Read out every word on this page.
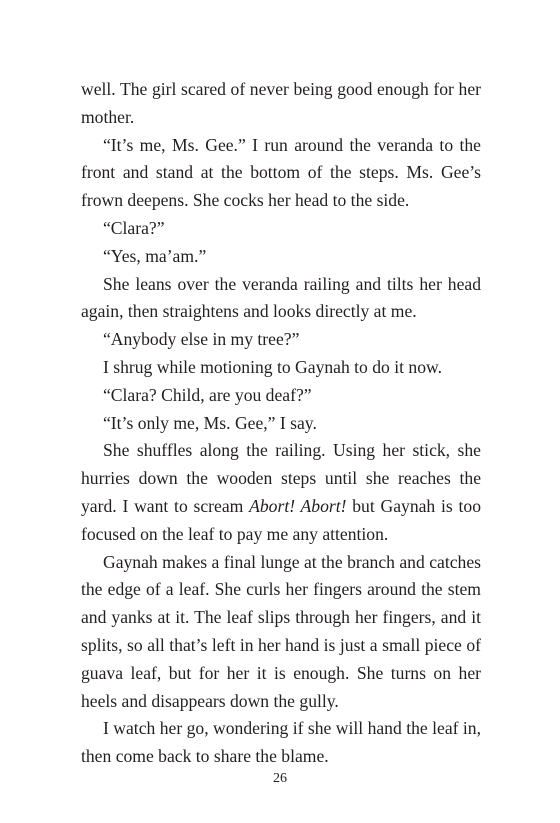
well. The girl scared of never being good enough for her mother.

“It’s me, Ms. Gee.” I run around the veranda to the front and stand at the bottom of the steps. Ms. Gee’s frown deepens. She cocks her head to the side.

“Clara?”

“Yes, ma’am.”

She leans over the veranda railing and tilts her head again, then straightens and looks directly at me.

“Anybody else in my tree?”

I shrug while motioning to Gaynah to do it now.

“Clara? Child, are you deaf?”

“It’s only me, Ms. Gee,” I say.

She shuffles along the railing. Using her stick, she hurries down the wooden steps until she reaches the yard. I want to scream Abort! Abort! but Gaynah is too focused on the leaf to pay me any attention.

Gaynah makes a final lunge at the branch and catches the edge of a leaf. She curls her fingers around the stem and yanks at it. The leaf slips through her fingers, and it splits, so all that’s left in her hand is just a small piece of guava leaf, but for her it is enough. She turns on her heels and disappears down the gully.

I watch her go, wondering if she will hand the leaf in, then come back to share the blame.

26
